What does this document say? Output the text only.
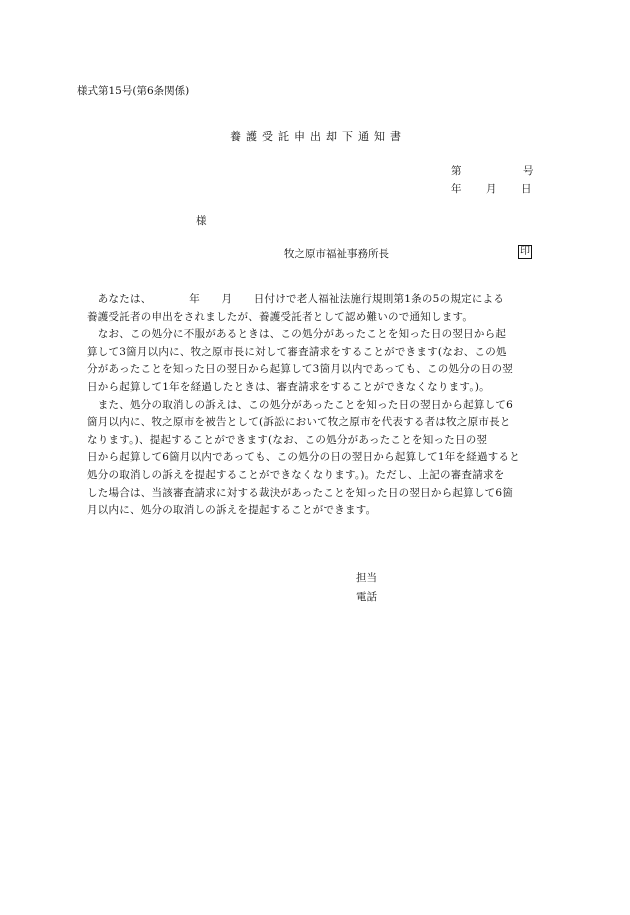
様式第15号(第6条関係)
養護受託申出却下通知書
第	号
年 月 日
様
牧之原市福祉事務所長	印
　あなたは、　　　　年　　月　　日付けで老人福祉法施行規則第1条の5の規定による
養護受託者の申出をされましたが、養護受託者として認め難いので通知します。
　なお、この処分に不服があるときは、この処分があったことを知った日の翌日から起
算して3箇月以内に、牧之原市長に対して審査請求をすることができます(なお、この処
分があったことを知った日の翌日から起算して3箇月以内であっても、この処分の日の翌
日から起算して1年を経過したときは、審査請求をすることができなくなります。)。
　また、処分の取消しの訴えは、この処分があったことを知った日の翌日から起算して6
箇月以内に、牧之原市を被告として(訴訟において牧之原市を代表する者は牧之原市長と
なります。)、提起することができます(なお、この処分があったことを知った日の翌
日から起算して6箇月以内であっても、この処分の日の翌日から起算して1年を経過すると
処分の取消しの訴えを提起することができなくなります。)。ただし、上記の審査請求を
した場合は、当該審査請求に対する裁決があったことを知った日の翌日から起算して6箇
月以内に、処分の取消しの訴えを提起することができます。
担当
電話
